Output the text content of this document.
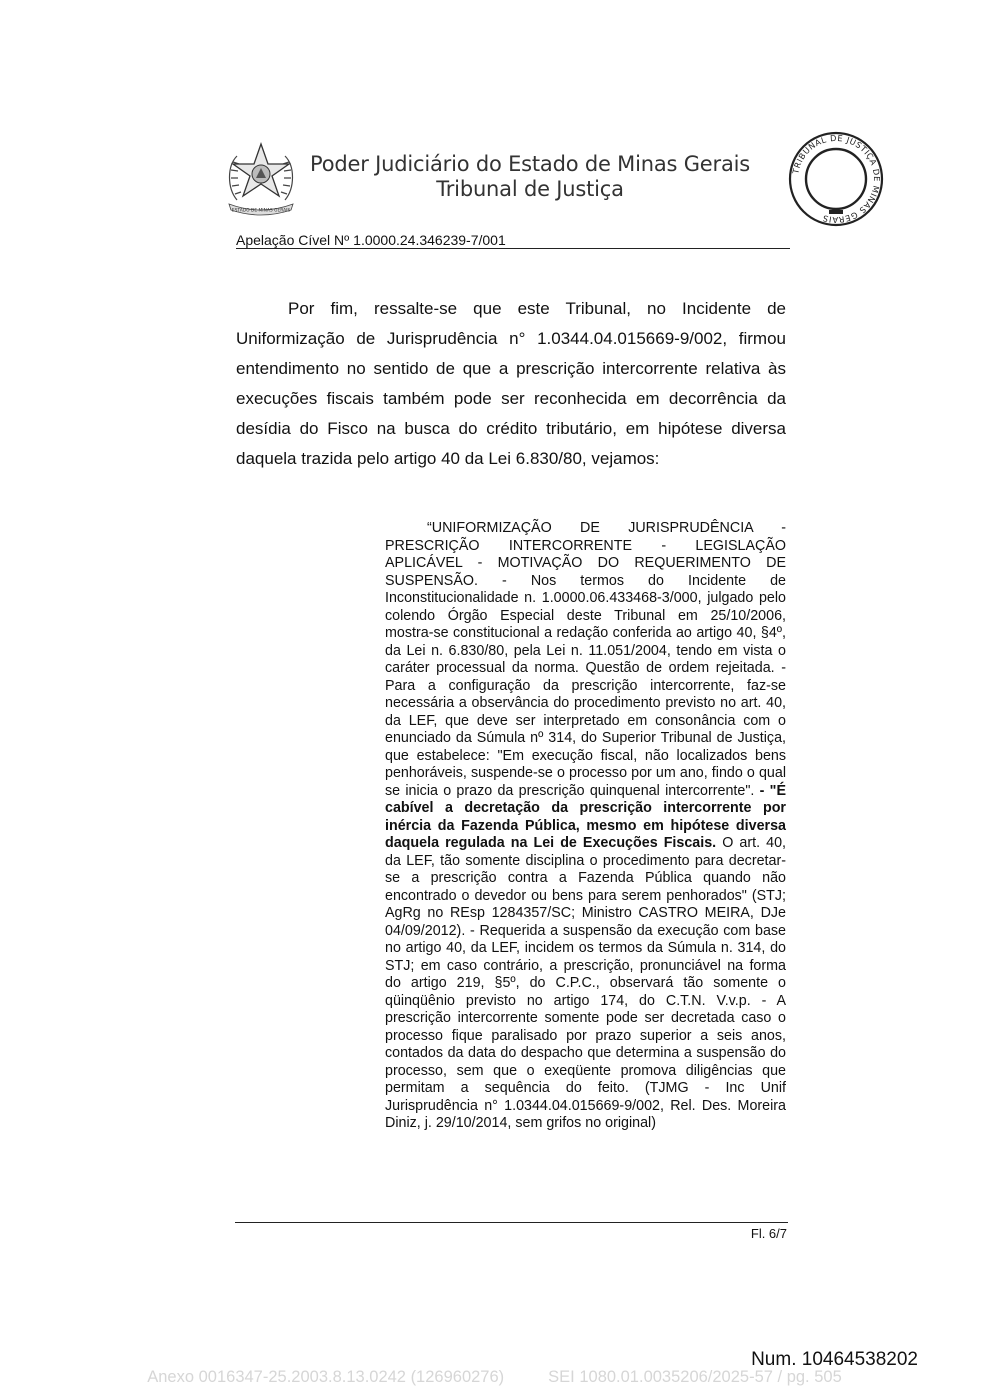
ESTADO DE MINAS GERAIS
Poder Judiciário do Estado de Minas Gerais
Tribunal de Justiça
TRIBUNAL DE JUSTIÇA DE MINAS GERAIS
Apelação Cível Nº 1.0000.24.346239-7/001

Por fim, ressalte-se que este Tribunal, no Incidente de Uniformização de Jurisprudência n° 1.0344.04.015669-9/002, firmou entendimento no sentido de que a prescrição intercorrente relativa às execuções fiscais também pode ser reconhecida em decorrência da desídia do Fisco na busca do crédito tributário, em hipótese diversa daquela trazida pelo artigo 40 da Lei 6.830/80, vejamos:

“UNIFORMIZAÇÃO DE JURISPRUDÊNCIA - PRESCRIÇÃO INTERCORRENTE - LEGISLAÇÃO APLICÁVEL - MOTIVAÇÃO DO REQUERIMENTO DE SUSPENSÃO. - Nos termos do Incidente de Inconstitucionalidade n. 1.0000.06.433468-3/000, julgado pelo colendo Órgão Especial deste Tribunal em 25/10/2006, mostra-se constitucional a redação conferida ao artigo 40, §4º, da Lei n. 6.830/80, pela Lei n. 11.051/2004, tendo em vista o caráter processual da norma. Questão de ordem rejeitada. - Para a configuração da prescrição intercorrente, faz-se necessária a observância do procedimento previsto no art. 40, da LEF, que deve ser interpretado em consonância com o enunciado da Súmula nº 314, do Superior Tribunal de Justiça, que estabelece: "Em execução fiscal, não localizados bens penhoráveis, suspende-se o processo por um ano, findo o qual se inicia o prazo da prescrição quinquenal intercorrente". - "É cabível a decretação da prescrição intercorrente por inércia da Fazenda Pública, mesmo em hipótese diversa daquela regulada na Lei de Execuções Fiscais. O art. 40, da LEF, tão somente disciplina o procedimento para decretar-se a prescrição contra a Fazenda Pública quando não encontrado o devedor ou bens para serem penhorados" (STJ; AgRg no REsp 1284357/SC; Ministro CASTRO MEIRA, DJe 04/09/2012). - Requerida a suspensão da execução com base no artigo 40, da LEF, incidem os termos da Súmula n. 314, do STJ; em caso contrário, a prescrição, pronunciável na forma do artigo 219, §5º, do C.P.C., observará tão somente o qüinqüênio previsto no artigo 174, do C.T.N. V.v.p. - A prescrição intercorrente somente pode ser decretada caso o processo fique paralisado por prazo superior a seis anos, contados da data do despacho que determina a suspensão do processo, sem que o exeqüente promova diligências que permitam a sequência do feito. (TJMG - Inc Unif Jurisprudência n° 1.0344.04.015669-9/002, Rel. Des. Moreira Diniz, j. 29/10/2014, sem grifos no original)

Fl. 6/7
Num. 10464538202
Anexo 0016347-25.2003.8.13.0242 (126960276)	SEI 1080.01.0035206/2025-57 / pg. 505
